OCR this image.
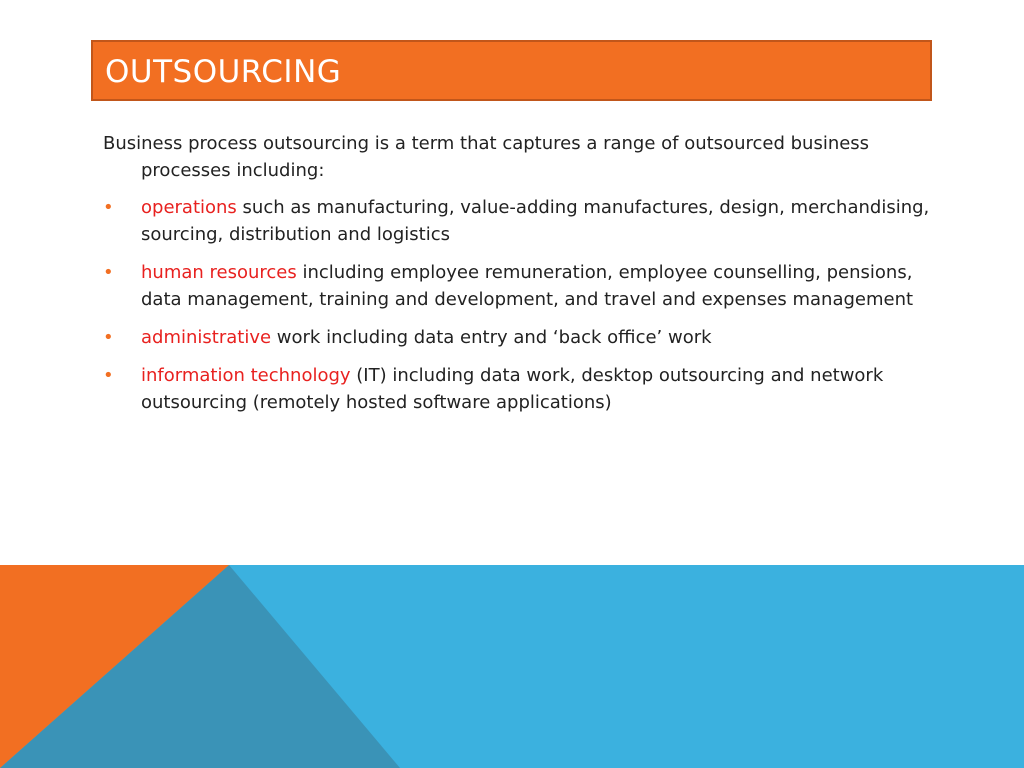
OUTSOURCING

Business process outsourcing is a term that captures a range of outsourced business processes including:

•	operations such as manufacturing, value-adding manufactures, design, merchandising, sourcing, distribution and logistics
•	human resources including employee remuneration, employee counselling, pensions, data management, training and development, and travel and expenses management
•	administrative work including data entry and ‘back office’ work
•	information technology (IT) including data work, desktop outsourcing and network outsourcing (remotely hosted software applications)
